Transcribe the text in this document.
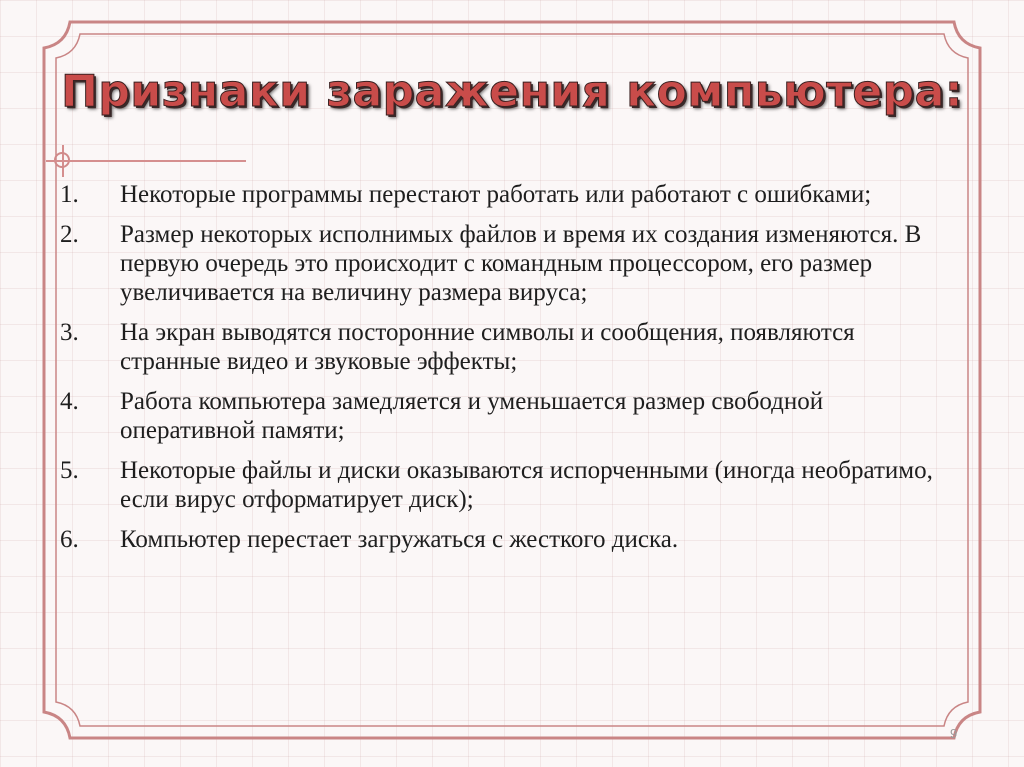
Признаки заражения компьютера:
1. Некоторые программы перестают работать или работают с ошибками;
2. Размер некоторых исполнимых файлов и время их создания изменяются. В первую очередь это происходит с командным процессором, его размер увеличивается на величину размера вируса;
3. На экран выводятся посторонние символы и сообщения, появляются странные видео и звуковые эффекты;
4. Работа компьютера замедляется и уменьшается размер свободной оперативной памяти;
5. Некоторые файлы и диски оказываются испорченными (иногда необратимо, если вирус отформатирует диск);
6. Компьютер перестает загружаться с жесткого диска.
9
